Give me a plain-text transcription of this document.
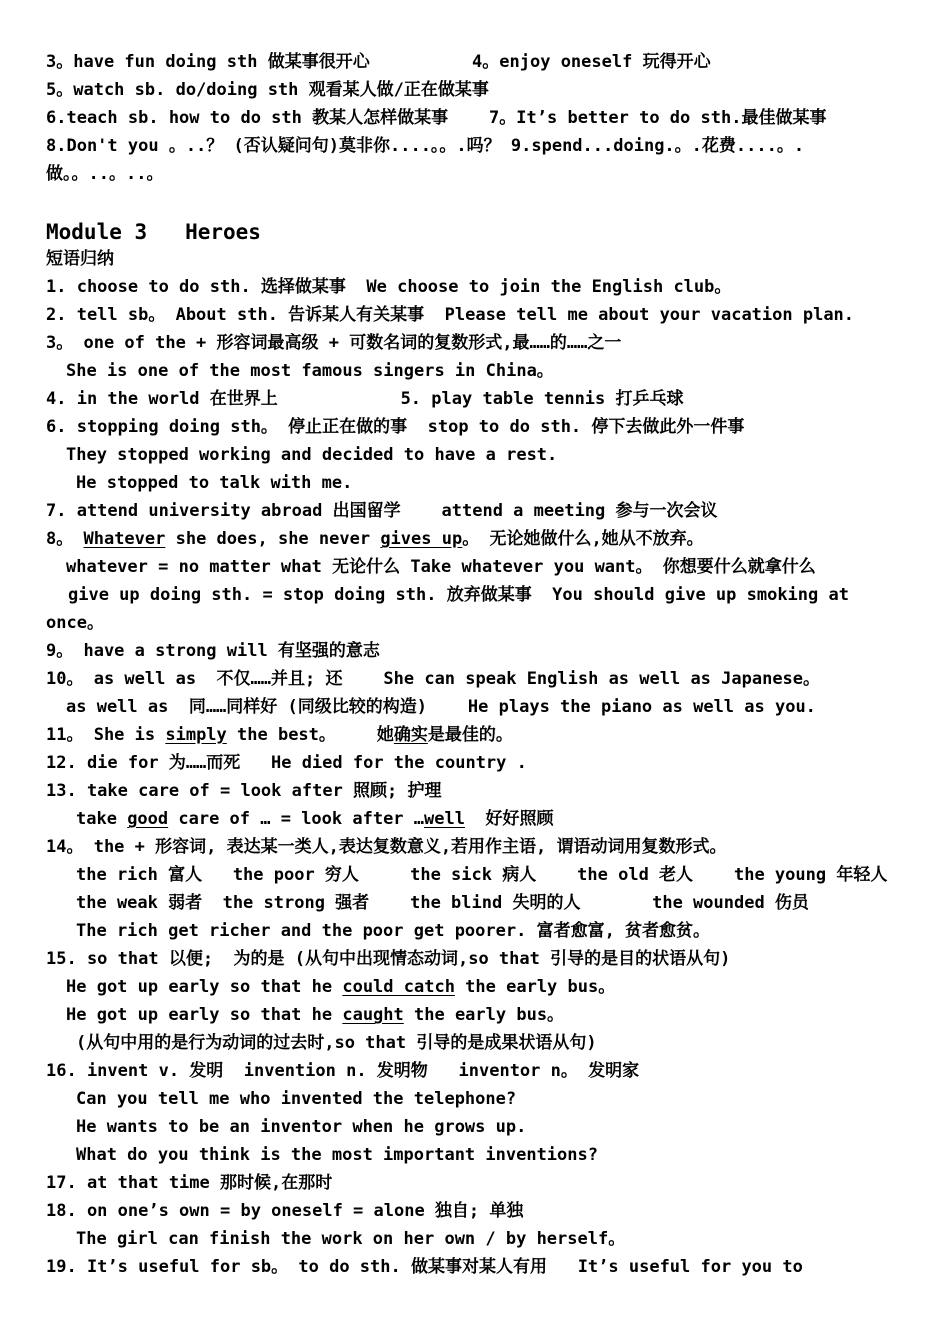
3。have fun doing sth 做某事很开心          4。enjoy oneself 玩得开心
5。watch sb. do/doing sth 观看某人做/正在做某事
6.teach sb. how to do sth 教某人怎样做某事    7。It’s better to do sth.最佳做某事
8.Don't you 。..？ (否认疑问句)莫非你....。。.吗？ 9.spend...doing.。.花费....。.
做。。..。..。
Module 3   Heroes
短语归纳
1. choose to do sth. 选择做某事  We choose to join the English club。
2. tell sb。 About sth. 告诉某人有关某事  Please tell me about your vacation plan.
3。 one of the + 形容词最高级 + 可数名词的复数形式,最……的……之一
She is one of the most famous singers in China。
4. in the world 在世界上            5. play table tennis 打乒乓球
6. stopping doing sth。 停止正在做的事  stop to do sth. 停下去做此外一件事
They stopped working and decided to have a rest.
He stopped to talk with me.
7. attend university abroad 出国留学    attend a meeting 参与一次会议
8。 Whatever she does, she never gives up。 无论她做什么,她从不放弃。
whatever = no matter what 无论什么 Take whatever you want。 你想要什么就拿什么
give up doing sth. = stop doing sth. 放弃做某事  You should give up smoking at
once。
9。 have a strong will 有坚强的意志
10。 as well as  不仅……并且; 还    She can speak English as well as Japanese。
as well as  同……同样好 (同级比较的构造)    He plays the piano as well as you.
11。 She is simply the best。    她确实是最佳的。
12. die for 为……而死   He died for the country .
13. take care of = look after 照顾; 护理
take good care of … = look after …well  好好照顾
14。 the + 形容词, 表达某一类人,表达复数意义,若用作主语, 谓语动词用复数形式。
the rich 富人   the poor 穷人     the sick 病人    the old 老人    the young 年轻人
the weak 弱者  the strong 强者    the blind 失明的人       the wounded 伤员
The rich get richer and the poor get poorer. 富者愈富, 贫者愈贫。
15. so that 以便;  为的是 (从句中出现情态动词,so that 引导的是目的状语从句)
He got up early so that he could catch the early bus。
He got up early so that he caught the early bus。
(从句中用的是行为动词的过去时,so that 引导的是成果状语从句)
16. invent v. 发明  invention n. 发明物   inventor n。 发明家
Can you tell me who invented the telephone?
He wants to be an inventor when he grows up.
What do you think is the most important inventions?
17. at that time 那时候,在那时
18. on one’s own = by oneself = alone 独自; 单独
The girl can finish the work on her own / by herself。
19. It’s useful for sb。 to do sth. 做某事对某人有用   It’s useful for you to
